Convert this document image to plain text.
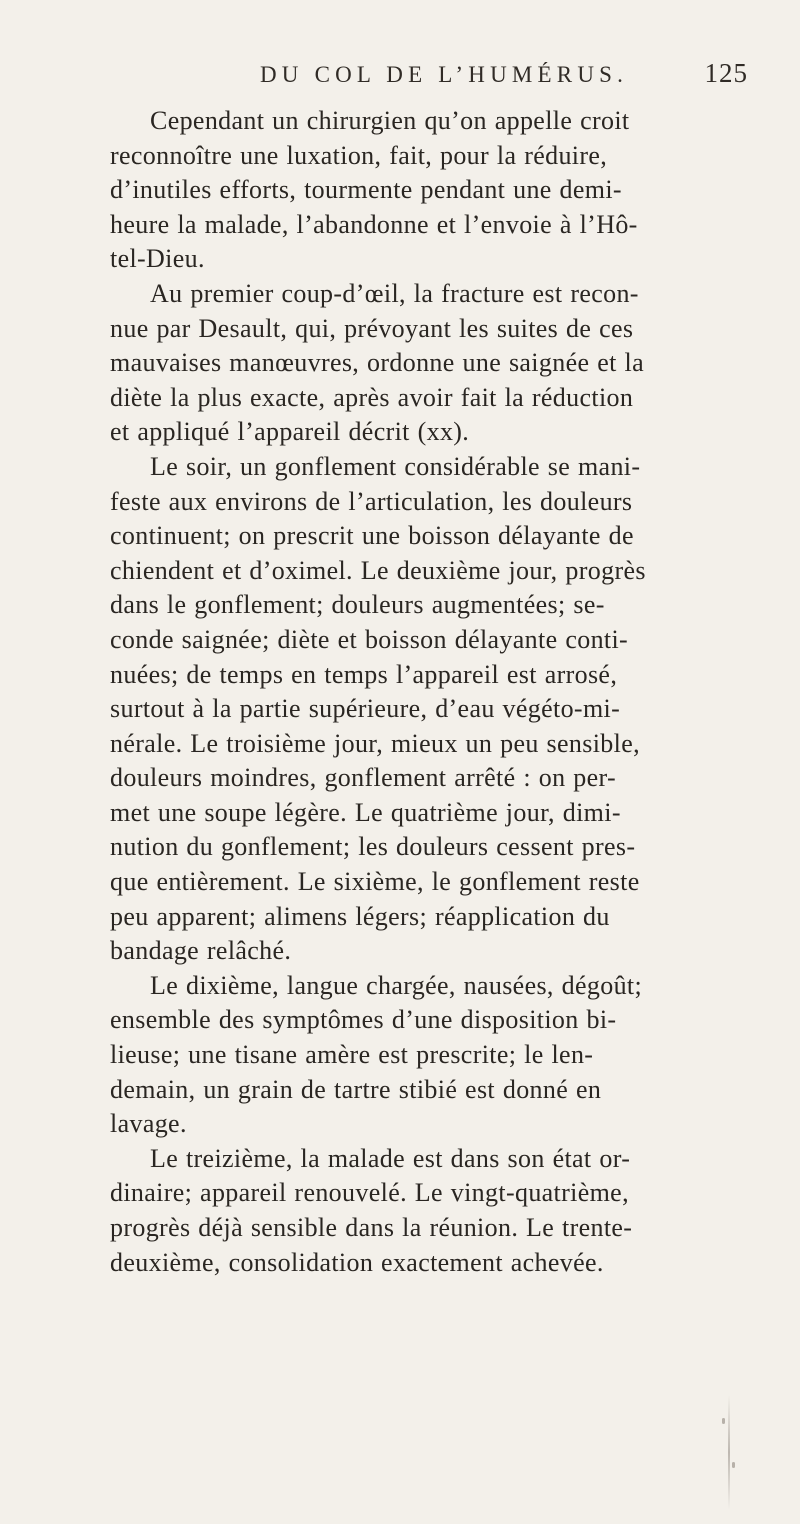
DU COL DE L’HUMÉRUS.	125

Cependant un chirurgien qu’on appelle croit
reconnoître une luxation, fait, pour la réduire,
d’inutiles efforts, tourmente pendant une demi-
heure la malade, l’abandonne et l’envoie à l’Hô-
tel-Dieu.

Au premier coup-d’œil, la fracture est recon-
nue par Desault, qui, prévoyant les suites de ces
mauvaises manœuvres, ordonne une saignée et la
diète la plus exacte, après avoir fait la réduction
et appliqué l’appareil décrit (xx).

Le soir, un gonflement considérable se mani-
feste aux environs de l’articulation, les douleurs
continuent; on prescrit une boisson délayante de
chiendent et d’oximel. Le deuxième jour, progrès
dans le gonflement; douleurs augmentées; se-
conde saignée; diète et boisson délayante conti-
nuées; de temps en temps l’appareil est arrosé,
surtout à la partie supérieure, d’eau végéto-mi-
nérale. Le troisième jour, mieux un peu sensible,
douleurs moindres, gonflement arrêté : on per-
met une soupe légère. Le quatrième jour, dimi-
nution du gonflement; les douleurs cessent pres-
que entièrement. Le sixième, le gonflement reste
peu apparent; alimens légers; réapplication du
bandage relâché.

Le dixième, langue chargée, nausées, dégoût;
ensemble des symptômes d’une disposition bi-
lieuse; une tisane amère est prescrite; le len-
demain, un grain de tartre stibié est donné en
lavage.

Le treizième, la malade est dans son état or-
dinaire; appareil renouvelé. Le vingt-quatrième,
progrès déjà sensible dans la réunion. Le trente-
deuxième, consolidation exactement achevée.
